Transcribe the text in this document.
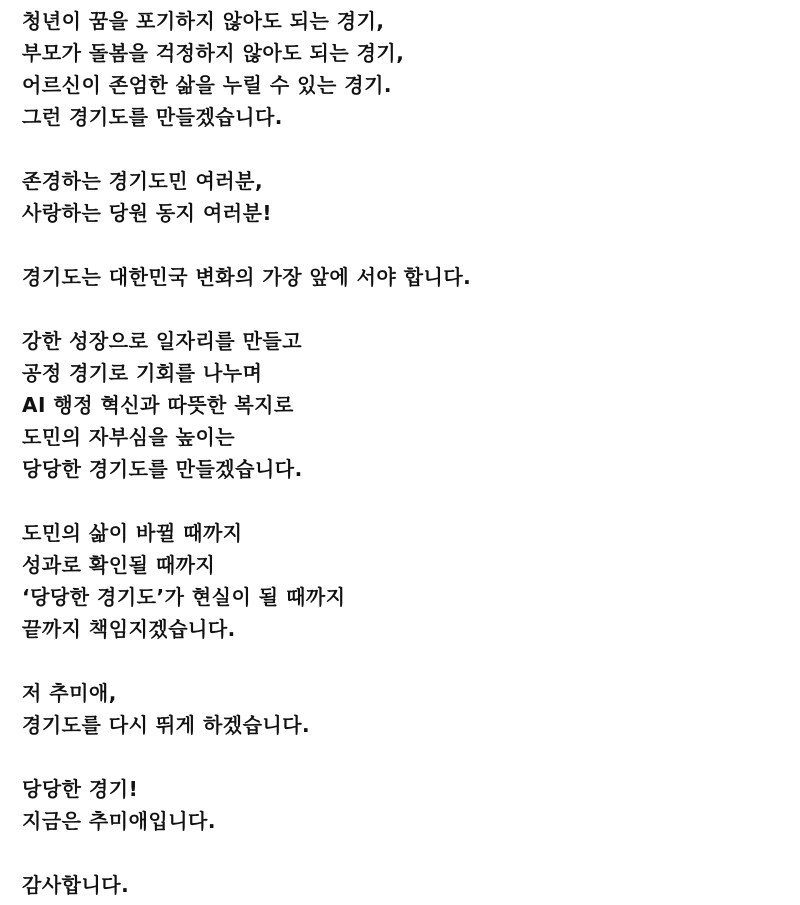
청년이 꿈을 포기하지 않아도 되는 경기,
부모가 돌봄을 걱정하지 않아도 되는 경기,
어르신이 존엄한 삶을 누릴 수 있는 경기.
그런 경기도를 만들겠습니다.
존경하는 경기도민 여러분,
사랑하는 당원 동지 여러분!
경기도는 대한민국 변화의 가장 앞에 서야 합니다.
강한 성장으로 일자리를 만들고
공정 경기로 기회를 나누며
AI 행정 혁신과 따뜻한 복지로
도민의 자부심을 높이는
당당한 경기도를 만들겠습니다.
도민의 삶이 바뀔 때까지
성과로 확인될 때까지
‘당당한 경기도’가 현실이 될 때까지
끝까지 책임지겠습니다.
저 추미애,
경기도를 다시 뛰게 하겠습니다.
당당한 경기!
지금은 추미애입니다.
감사합니다.
